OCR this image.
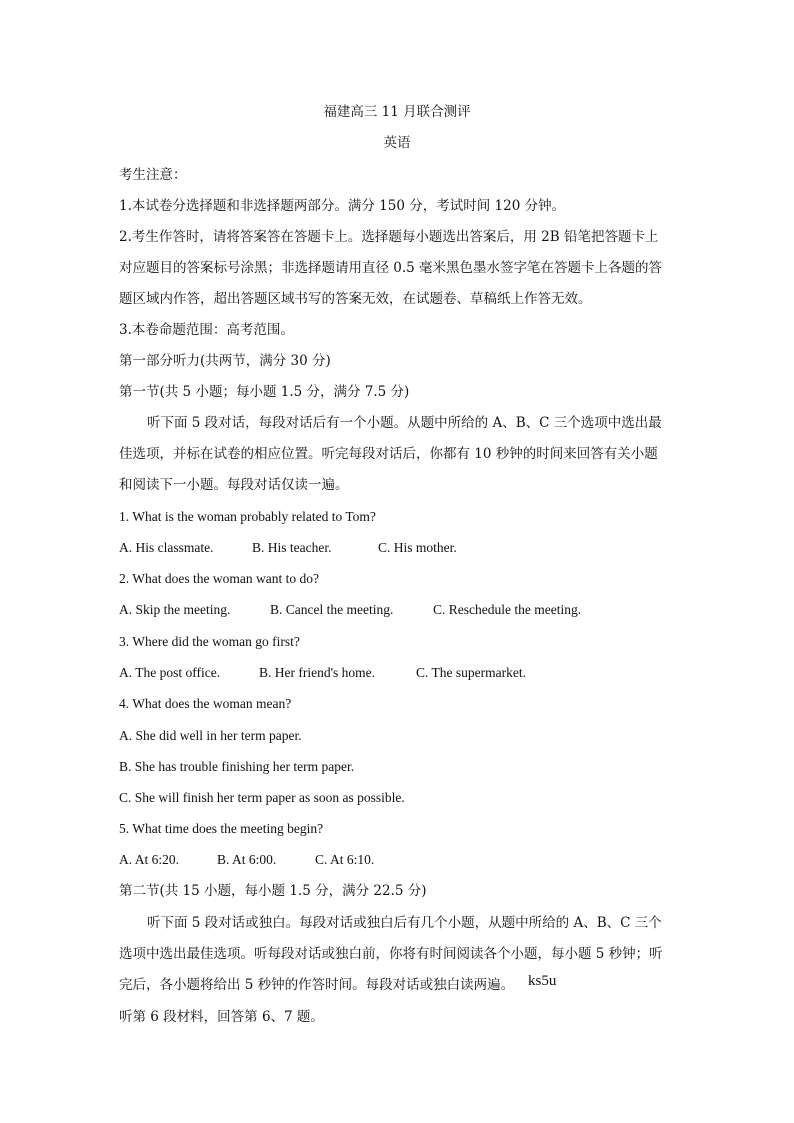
福建高三 11 月联合测评
英语
考生注意：
1.本试卷分选择题和非选择题两部分。满分 150 分，考试时间 120 分钟。
2.考生作答时，请将答案答在答题卡上。选择题每小题选出答案后，用 2B 铅笔把答题卡上
对应题目的答案标号涂黑；非选择题请用直径 0.5 毫米黑色墨水签字笔在答题卡上各题的答
题区域内作答，超出答题区域书写的答案无效，在试题卷、草稿纸上作答无效。
3.本卷命题范围：高考范围。
第一部分听力(共两节，满分 30 分)
第一节(共 5 小题；每小题 1.5 分，满分 7.5 分)
听下面 5 段对话，每段对话后有一个小题。从题中所给的 A、B、C 三个选项中选出最
佳选项，并标在试卷的相应位置。听完每段对话后，你都有 10 秒钟的时间来回答有关小题
和阅读下一小题。每段对话仅读一遍。
1. What is the woman probably related to Tom?
A. His classmate.	B. His teacher.	C. His mother.
2. What does the woman want to do?
A. Skip the meeting.	B. Cancel the meeting.	C. Reschedule the meeting.
3. Where did the woman go first?
A. The post office.	B. Her friend's home.	C. The supermarket.
4. What does the woman mean?
A. She did well in her term paper.
B. She has trouble finishing her term paper.
C. She will finish her term paper as soon as possible.
5. What time does the meeting begin?
A. At 6:20.	B. At 6:00.	C. At 6:10.
第二节(共 15 小题，每小题 1.5 分，满分 22.5 分)
听下面 5 段对话或独白。每段对话或独白后有几个小题，从题中所给的 A、B、C 三个
选项中选出最佳选项。听每段对话或独白前，你将有时间阅读各个小题，每小题 5 秒钟；听
完后，各小题将给出 5 秒钟的作答时间。每段对话或独白读两遍。 ks5u
听第 6 段材料，回答第 6、7 题。
